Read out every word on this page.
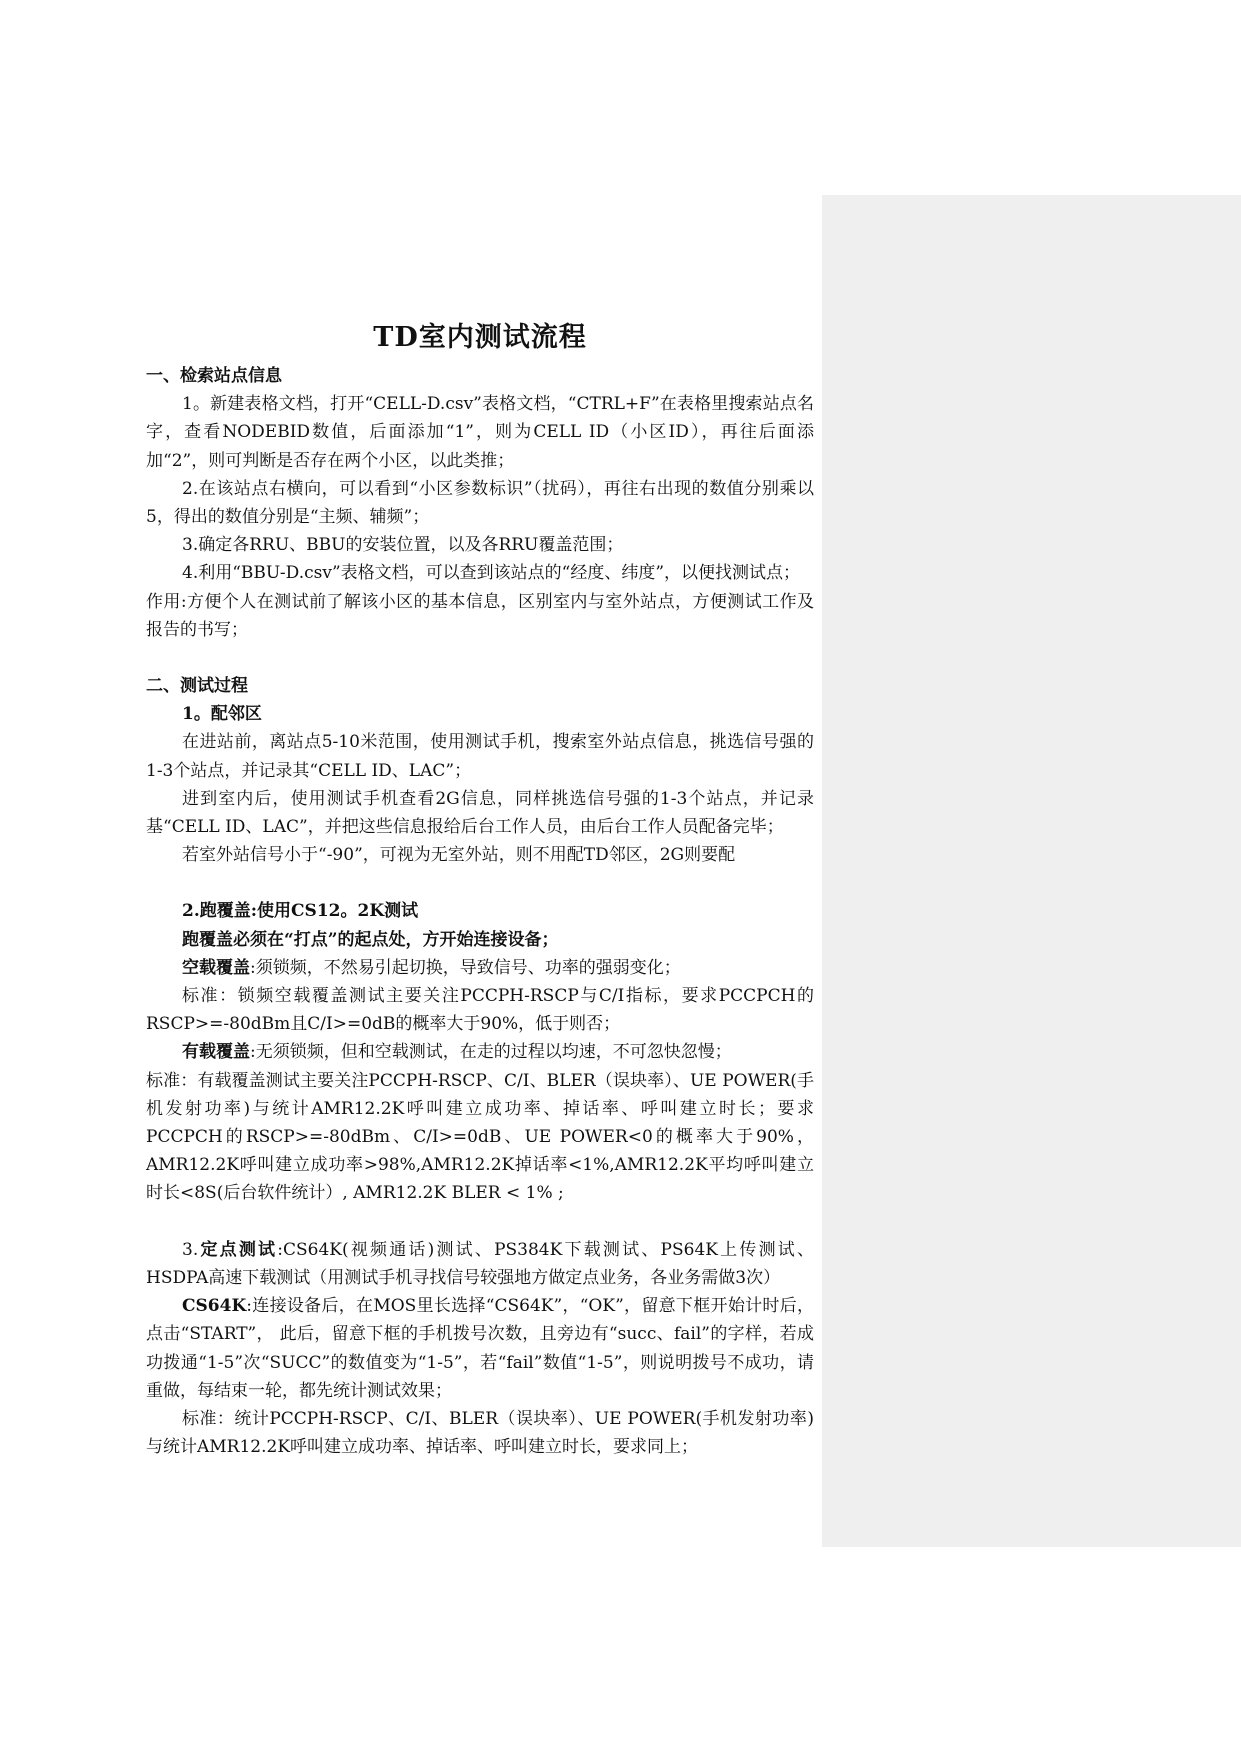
TD室内测试流程
一、检索站点信息

1。新建表格文档，打开“CELL-D.csv”表格文档，“CTRL+F”在表格里搜索站点名字，查看NODEBID数值，后面添加“1”，则为CELL ID（小区ID），再往后面添加“2”，则可判断是否存在两个小区，以此类推；

2.在该站点右横向，可以看到“小区参数标识”（扰码），再往右出现的数值分别乘以5，得出的数值分别是“主频、辅频”；

3.确定各RRU、BBU的安装位置，以及各RRU覆盖范围；

4.利用“BBU-D.csv”表格文档，可以查到该站点的“经度、纬度”，以便找测试点；

作用:方便个人在测试前了解该小区的基本信息，区别室内与室外站点，方便测试工作及报告的书写；

二、测试过程

1。配邻区

在进站前，离站点5-10米范围，使用测试手机，搜索室外站点信息，挑选信号强的1-3个站点，并记录其“CELL ID、LAC”；

进到室内后，使用测试手机查看2G信息，同样挑选信号强的1-3个站点，并记录基“CELL ID、LAC”，并把这些信息报给后台工作人员，由后台工作人员配备完毕；

若室外站信号小于“-90”，可视为无室外站，则不用配TD邻区，2G则要配

2.跑覆盖:使用CS12。2K测试

跑覆盖必须在“打点”的起点处，方开始连接设备；

空载覆盖:须锁频，不然易引起切换，导致信号、功率的强弱变化；

标准：锁频空载覆盖测试主要关注PCCPH-RSCP与C/I指标，要求PCCPCH的RSCP>=-80dBm且C/I>=0dB的概率大于90%，低于则否；

有载覆盖:无须锁频，但和空载测试，在走的过程以均速，不可忽快忽慢；

标准：有载覆盖测试主要关注PCCPH-RSCP、C/I、BLER（误块率）、UE POWER(手机发射功率)与统计AMR12.2K呼叫建立成功率、掉话率、呼叫建立时长；要求PCCPCH的RSCP>=-80dBm、C/I>=0dB、UE POWER<0的概率大于90%，AMR12.2K呼叫建立成功率>98%,AMR12.2K掉话率<1%,AMR12.2K平均呼叫建立时长<8S(后台软件统计）, AMR12.2K BLER < 1% ;

3.定点测试:CS64K(视频通话)测试、PS384K下载测试、PS64K上传测试、HSDPA高速下载测试（用测试手机寻找信号较强地方做定点业务，各业务需做3次）

CS64K:连接设备后，在MOS里长选择“CS64K”，“OK”，留意下框开始计时后，点击“START”， 此后，留意下框的手机拨号次数，且旁边有“succ、fail”的字样，若成功拨通“1-5”次“SUCC”的数值变为“1-5”，若“fail”数值“1-5”，则说明拨号不成功，请重做，每结束一轮，都先统计测试效果；

标准：统计PCCPH-RSCP、C/I、BLER（误块率）、UE POWER(手机发射功率)与统计AMR12.2K呼叫建立成功率、掉话率、呼叫建立时长，要求同上；
